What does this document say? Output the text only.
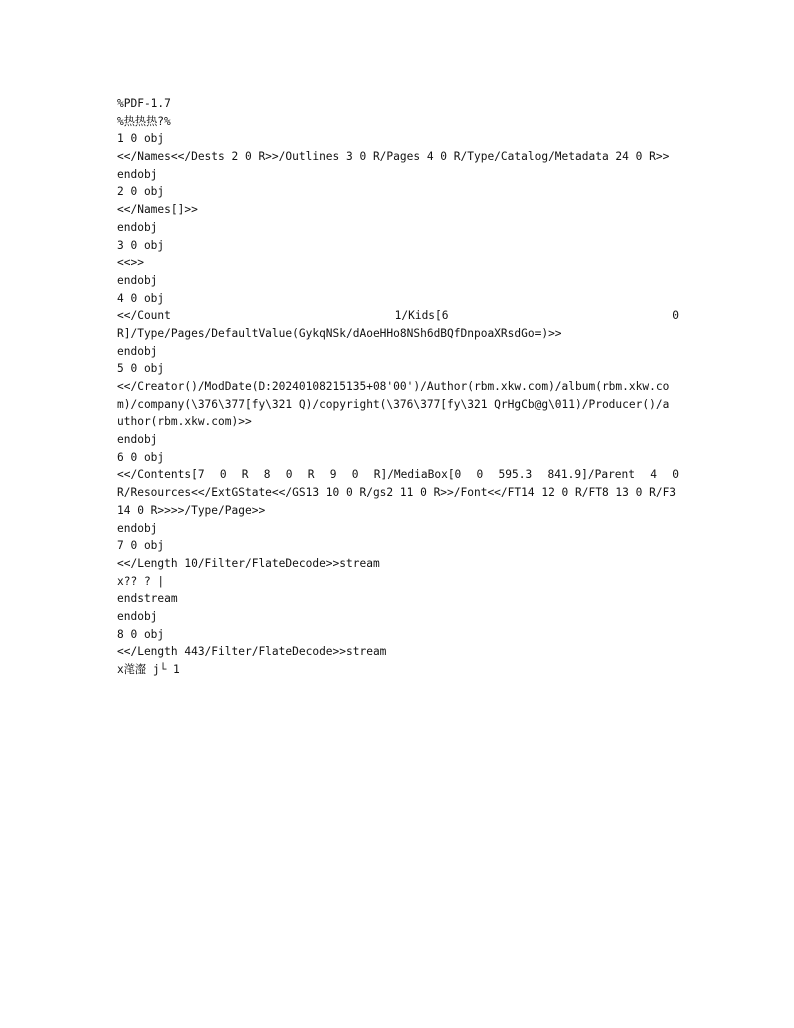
%PDF-1.7
%热热热?%
1 0 obj
<</Names<</Dests 2 0 R>>/Outlines 3 0 R/Pages 4 0 R/Type/Catalog/Metadata 24 0 R>>
endobj
2 0 obj
<</Names[]>>
endobj
3 0 obj
<<>>
endobj
4 0 obj
<</Count 1/Kids[6 0
R]/Type/Pages/DefaultValue(GykqNSk/dAoeHHo8NSh6dBQfDnpoaXRsdGo=)>>
endobj
5 0 obj
<</Creator()/ModDate(D:20240108215135+08'00')/Author(rbm.xkw.com)/album(rbm.xkw.co
m)/company(\376\377[fy\321 Q)/copyright(\376\377[fy\321 QrHgCb@g\011)/Producer()/a
uthor(rbm.xkw.com)>>
endobj
6 0 obj
<</Contents[7 0 R 8 0 R 9 0 R]/MediaBox[0 0 595.3 841.9]/Parent 4 0
R/Resources<</ExtGState<</GS13 10 0 R/gs2 11 0 R>>/Font<</FT14 12 0 R/FT8 13 0 R/F3
14 0 R>>>>/Type/Page>>
endobj
7 0 obj
<</Length 10/Filter/FlateDecode>>stream
x?? ? |
endstream
endobj
8 0 obj
<</Length 443/Filter/FlateDecode>>stream
x滗瀣 j└ 1
